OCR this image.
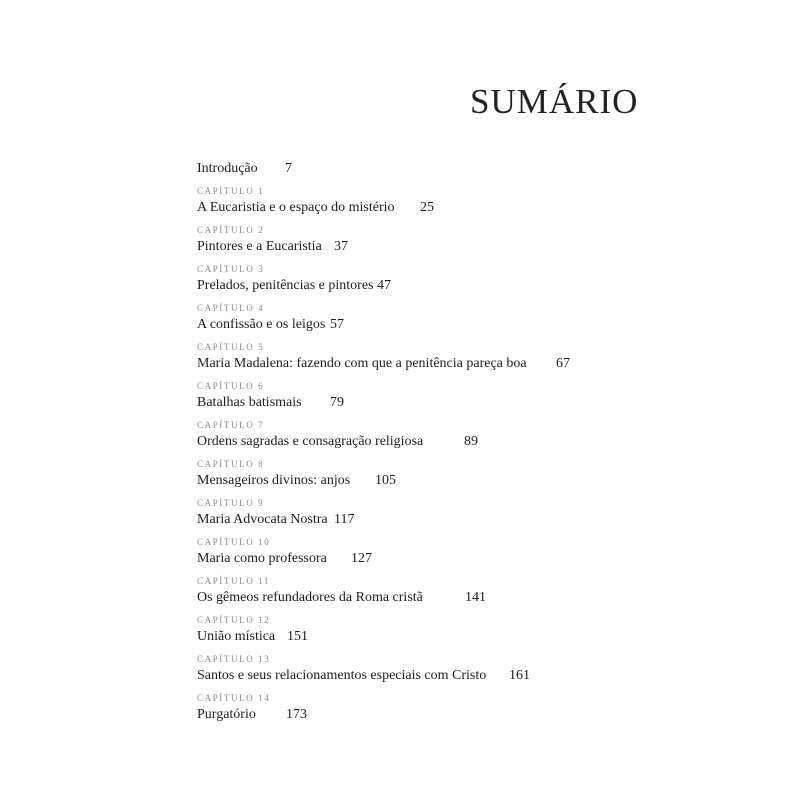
SUMÁRIO
Introdução 7
CAPÍTULO 1
A Eucaristia e o espaço do mistério 25
CAPÍTULO 2
Pintores e a Eucaristia 37
CAPÍTULO 3
Prelados, penitências e pintores 47
CAPÍTULO 4
A confissão e os leigos 57
CAPÍTULO 5
Maria Madalena: fazendo com que a penitência pareça boa 67
CAPÍTULO 6
Batalhas batismais 79
CAPÍTULO 7
Ordens sagradas e consagração religiosa	89
CAPÍTULO 8
Mensageiros divinos: anjos 105
CAPÍTULO 9
Maria Advocata Nostra 117
CAPÍTULO 10
Maria como professora 127
CAPÍTULO 11
Os gêmeos refundadores da Roma cristã	141
CAPÍTULO 12
União mística 151
CAPÍTULO 13
Santos e seus relacionamentos especiais com Cristo 161
CAPÍTULO 14
Purgatório 173
